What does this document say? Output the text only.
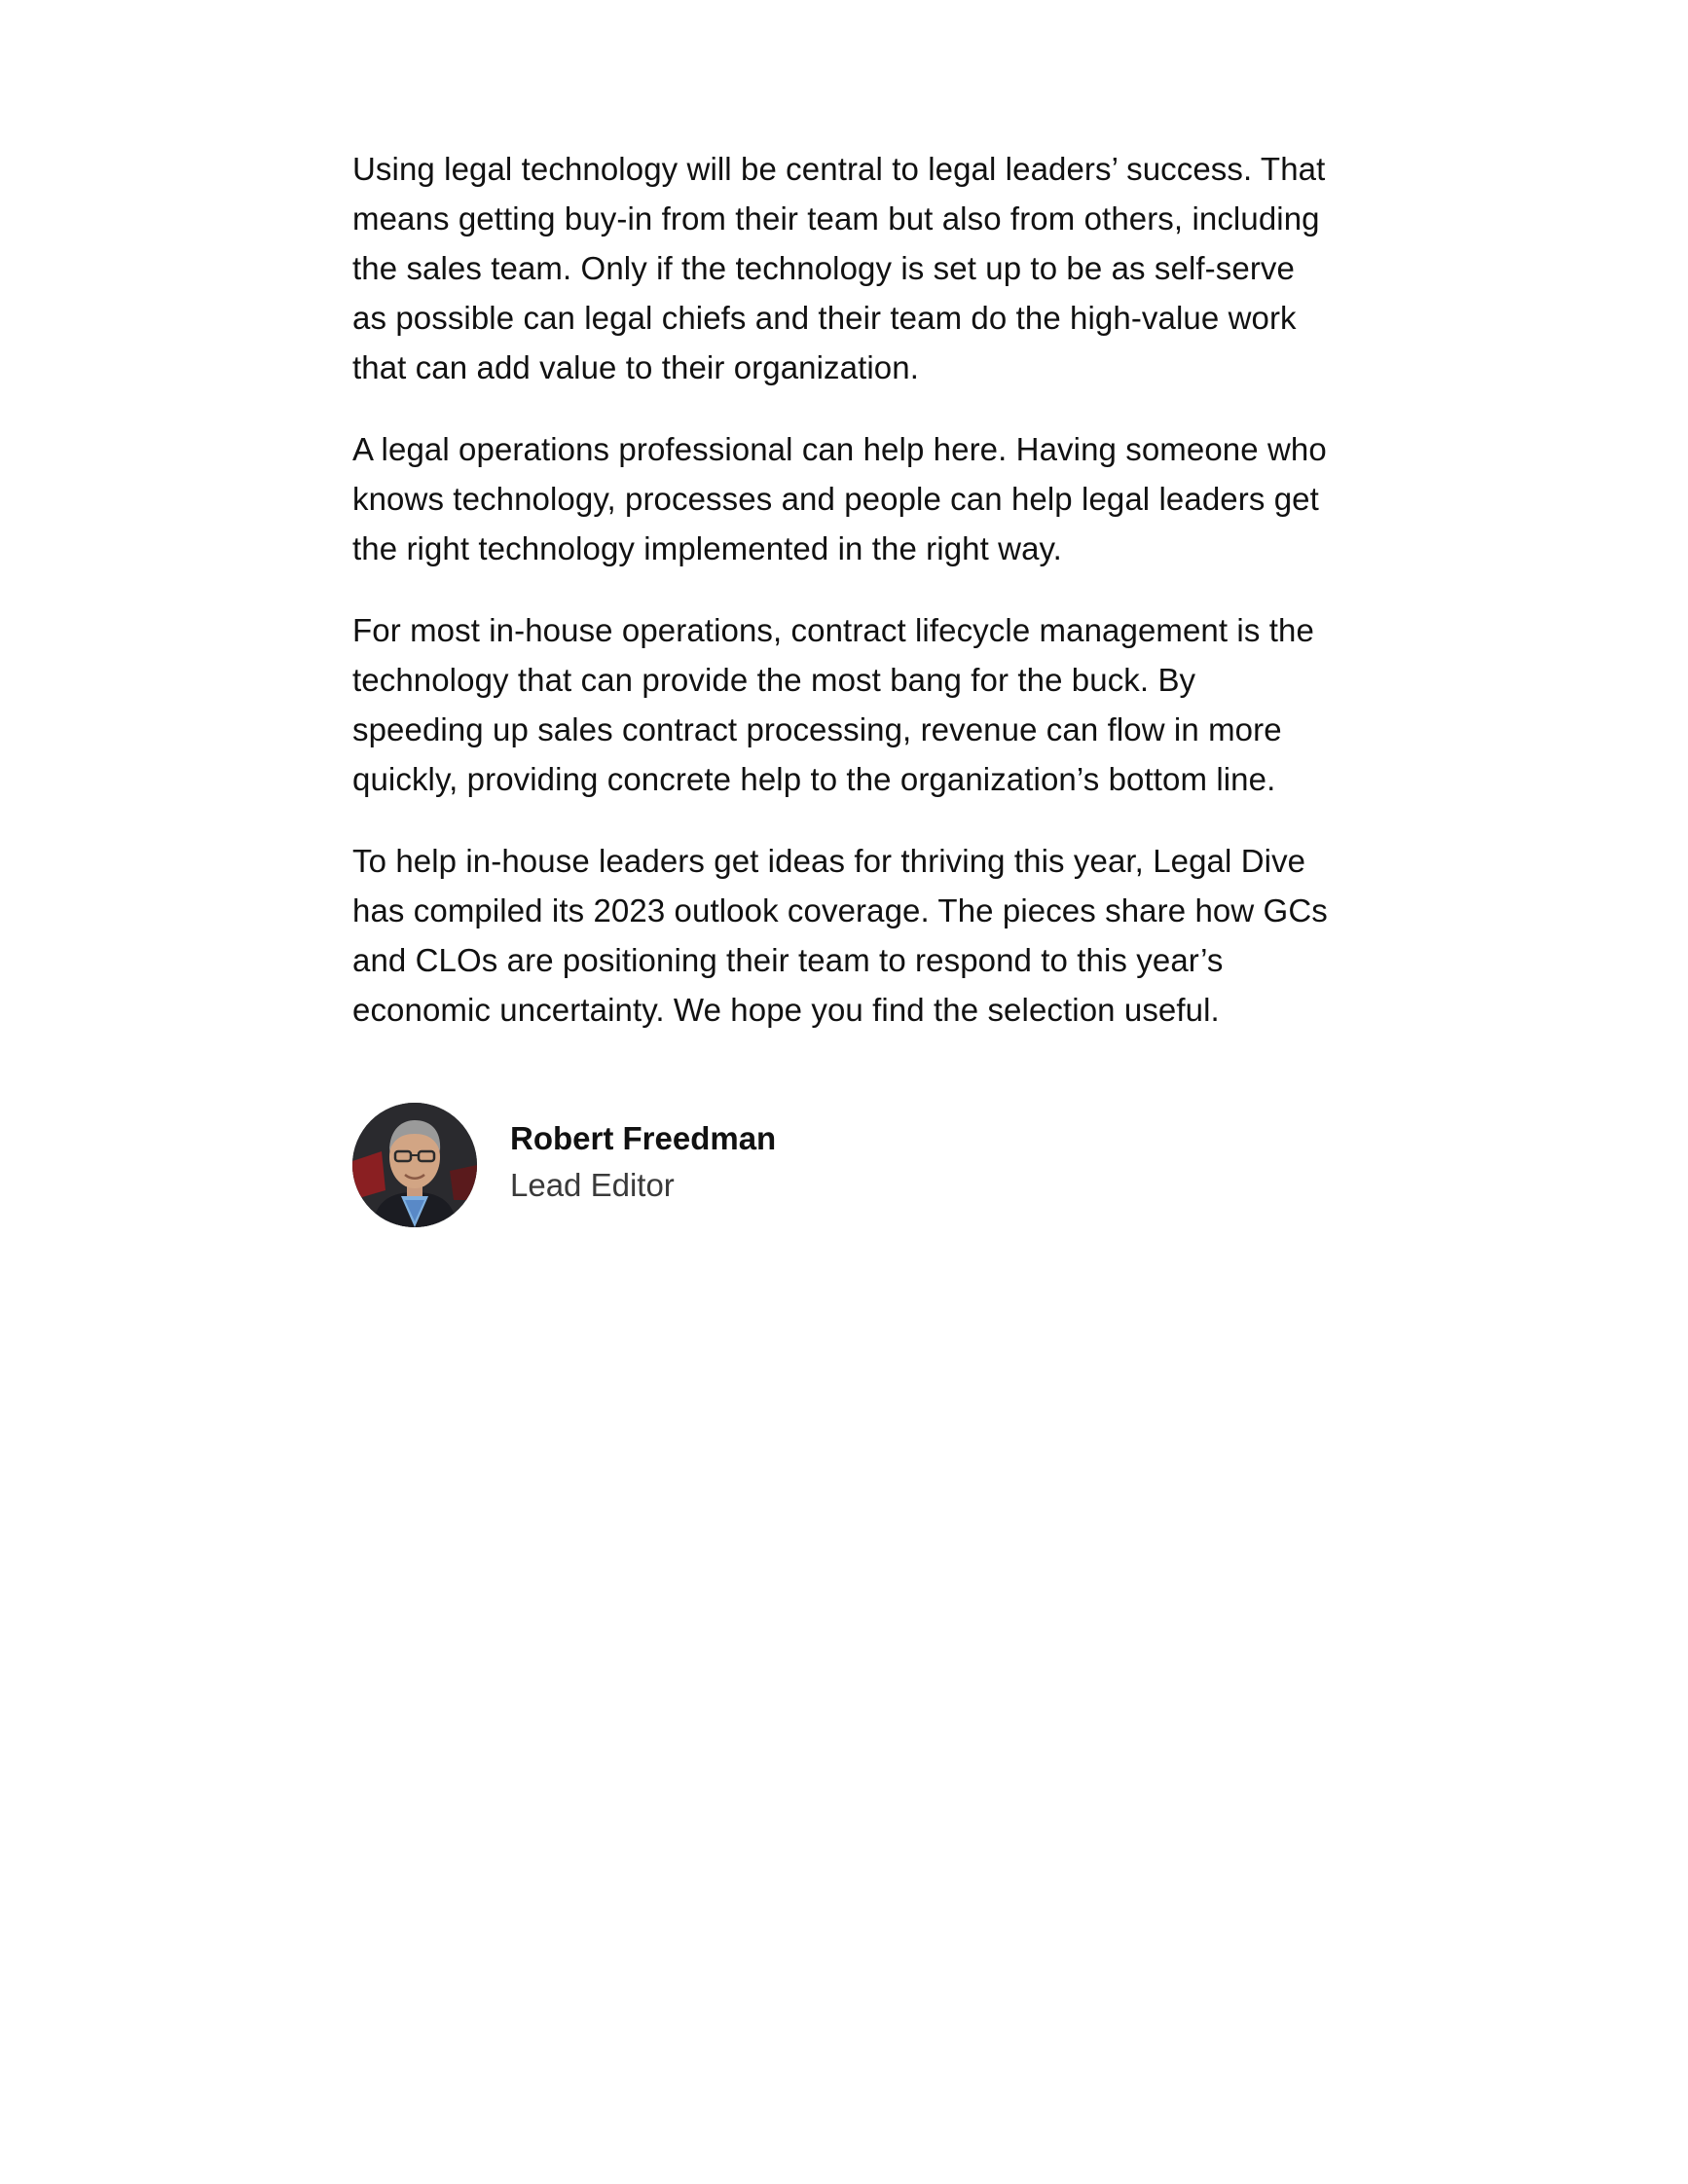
Using legal technology will be central to legal leaders’ success. That means getting buy-in from their team but also from others, including the sales team. Only if the technology is set up to be as self-serve as possible can legal chiefs and their team do the high-value work that can add value to their organization.

A legal operations professional can help here. Having someone who knows technology, processes and people can help legal leaders get the right technology implemented in the right way.

For most in-house operations, contract lifecycle management is the technology that can provide the most bang for the buck. By speeding up sales contract processing, revenue can flow in more quickly, providing concrete help to the organization’s bottom line.

To help in-house leaders get ideas for thriving this year, Legal Dive has compiled its 2023 outlook coverage. The pieces share how GCs and CLOs are positioning their team to respond to this year’s economic uncertainty. We hope you find the selection useful.

Robert Freedman
Lead Editor
